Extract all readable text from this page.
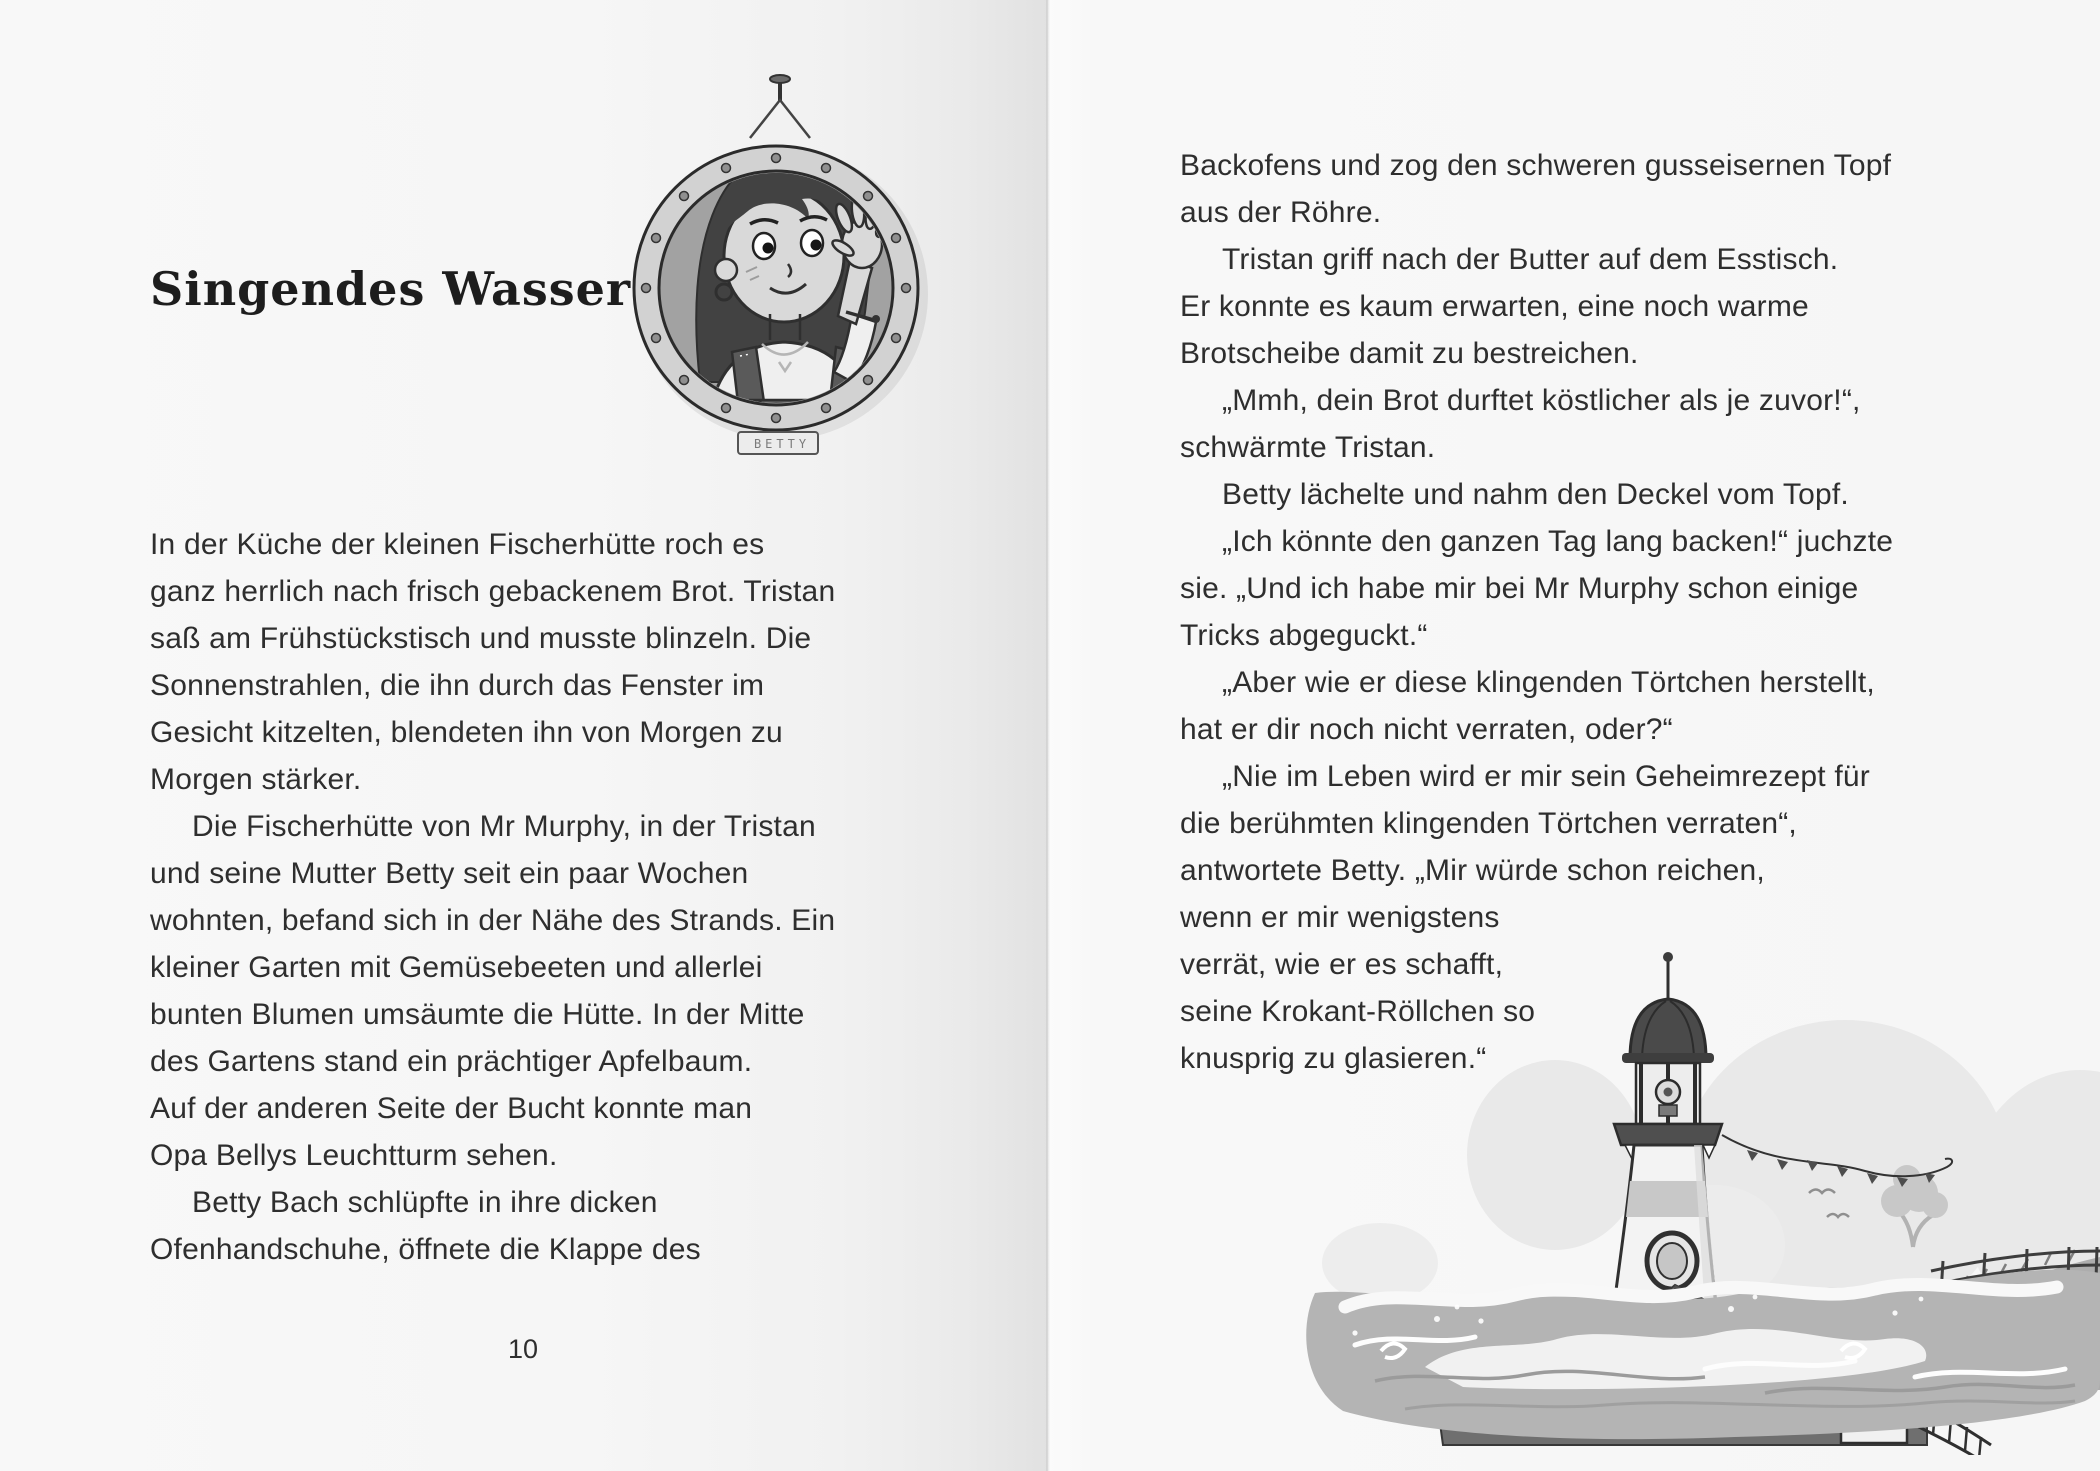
Singendes Wasser
BETTY
In der Küche der kleinen Fischerhütte roch es
ganz herrlich nach frisch gebackenem Brot. Tristan
saß am Frühstückstisch und musste blinzeln. Die
Sonnenstrahlen, die ihn durch das Fenster im
Gesicht kitzelten, blendeten ihn von Morgen zu
Morgen stärker.
Die Fischerhütte von Mr Murphy, in der Tristan
und seine Mutter Betty seit ein paar Wochen
wohnten, befand sich in der Nähe des Strands. Ein
kleiner Garten mit Gemüsebeeten und allerlei
bunten Blumen umsäumte die Hütte. In der Mitte
des Gartens stand ein prächtiger Apfelbaum.
Auf der anderen Seite der Bucht konnte man
Opa Bellys Leuchtturm sehen.
Betty Bach schlüpfte in ihre dicken
Ofenhandschuhe, öffnete die Klappe des
10
Backofens und zog den schweren gusseisernen Topf
aus der Röhre.
Tristan griff nach der Butter auf dem Esstisch.
Er konnte es kaum erwarten, eine noch warme
Brotscheibe damit zu bestreichen.
„Mmh, dein Brot durftet köstlicher als je zuvor!“,
schwärmte Tristan.
Betty lächelte und nahm den Deckel vom Topf.
„Ich könnte den ganzen Tag lang backen!“ juchzte
sie. „Und ich habe mir bei Mr Murphy schon einige
Tricks abgeguckt.“
„Aber wie er diese klingenden Törtchen herstellt,
hat er dir noch nicht verraten, oder?“
„Nie im Leben wird er mir sein Geheimrezept für
die berühmten klingenden Törtchen verraten“,
antwortete Betty. „Mir würde schon reichen,
wenn er mir wenigstens
verrät, wie er es schafft,
seine Krokant-Röllchen so
knusprig zu glasieren.“
